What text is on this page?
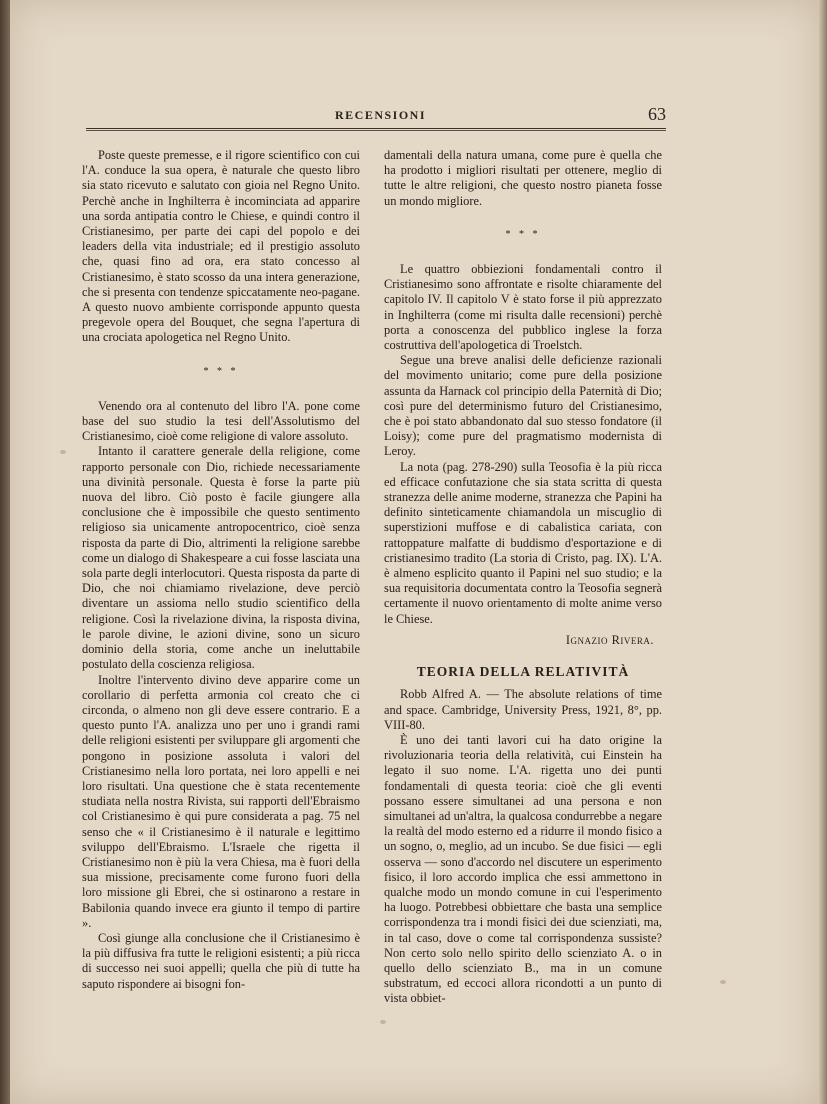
RECENSIONI	63

Poste queste premesse, e il rigore scientifico con cui l'A. conduce la sua opera, è naturale che questo libro sia stato ricevuto e salutato con gioia nel Regno Unito. Perchè anche in Inghilterra è incominciata ad apparire una sorda antipatia contro le Chiese, e quindi contro il Cristianesimo, per parte dei capi del popolo e dei leaders della vita industriale; ed il prestigio assoluto che, quasi fino ad ora, era stato concesso al Cristianesimo, è stato scosso da una intera generazione, che si presenta con tendenze spiccatamente neo-pagane. A questo nuovo ambiente corrisponde appunto questa pregevole opera del Bouquet, che segna l'apertura di una crociata apologetica nel Regno Unito.

* * *

Venendo ora al contenuto del libro l'A. pone come base del suo studio la tesi dell'Assolutismo del Cristianesimo, cioè come religione di valore assoluto.

Intanto il carattere generale della religione, come rapporto personale con Dio, richiede necessariamente una divinità personale. Questa è forse la parte più nuova del libro. Ciò posto è facile giungere alla conclusione che è impossibile che questo sentimento religioso sia unicamente antropocentrico, cioè senza risposta da parte di Dio, altrimenti la religione sarebbe come un dialogo di Shakespeare a cui fosse lasciata una sola parte degli interlocutori. Questa risposta da parte di Dio, che noi chiamiamo rivelazione, deve perciò diventare un assioma nello studio scientifico della religione. Così la rivelazione divina, la risposta divina, le parole divine, le azioni divine, sono un sicuro dominio della storia, come anche un ineluttabile postulato della coscienza religiosa.

Inoltre l'intervento divino deve apparire come un corollario di perfetta armonia col creato che ci circonda, o almeno non gli deve essere contrario. E a questo punto l'A. analizza uno per uno i grandi rami delle religioni esistenti per sviluppare gli argomenti che pongono in posizione assoluta i valori del Cristianesimo nella loro portata, nei loro appelli e nei loro risultati. Una questione che è stata recentemente studiata nella nostra Rivista, sui rapporti dell'Ebraismo col Cristianesimo è qui pure considerata a pag. 75 nel senso che « il Cristianesimo è il naturale e legittimo sviluppo dell'Ebraismo. L'Israele che rigetta il Cristianesimo non è più la vera Chiesa, ma è fuori della sua missione, precisamente come furono fuori della loro missione gli Ebrei, che si ostinarono a restare in Babilonia quando invece era giunto il tempo di partire ».

Così giunge alla conclusione che il Cristianesimo è la più diffusiva fra tutte le religioni esistenti; a più ricca di successo nei suoi appelli; quella che più di tutte ha saputo rispondere ai bisogni fon-

damentali della natura umana, come pure è quella che ha prodotto i migliori risultati per ottenere, meglio di tutte le altre religioni, che questo nostro pianeta fosse un mondo migliore.

* * *

Le quattro obbiezioni fondamentali contro il Cristianesimo sono affrontate e risolte chiaramente del capitolo IV. Il capitolo V è stato forse il più apprezzato in Inghilterra (come mi risulta dalle recensioni) perchè porta a conoscenza del pubblico inglese la forza costruttiva dell'apologetica di Troelstch.

Segue una breve analisi delle deficienze razionali del movimento unitario; come pure della posizione assunta da Harnack col principio della Paternità di Dio; così pure del determinismo futuro del Cristianesimo, che è poi stato abbandonato dal suo stesso fondatore (il Loisy); come pure del pragmatismo modernista di Leroy.

La nota (pag. 278-290) sulla Teosofia è la più ricca ed efficace confutazione che sia stata scritta di questa stranezza delle anime moderne, stranezza che Papini ha definito sinteticamente chiamandola un miscuglio di superstizioni muffose e di cabalistica cariata, con rattoppature malfatte di buddismo d'esportazione e di cristianesimo tradito (La storia di Cristo, pag. IX). L'A. è almeno esplicito quanto il Papini nel suo studio; e la sua requisitoria documentata contro la Teosofia segnerà certamente il nuovo orientamento di molte anime verso le Chiese.

Ignazio Rivera.
TEORIA DELLA RELATIVITÀ

Robb Alfred A. — The absolute relations of time and space. Cambridge, University Press, 1921, 8°, pp. VIII-80.

È uno dei tanti lavori cui ha dato origine la rivoluzionaria teoria della relatività, cui Einstein ha legato il suo nome. L'A. rigetta uno dei punti fondamentali di questa teoria: cioè che gli eventi possano essere simultanei ad una persona e non simultanei ad un'altra, la qualcosa condurrebbe a negare la realtà del modo esterno ed a ridurre il mondo fisico a un sogno, o, meglio, ad un incubo. Se due fisici — egli osserva — sono d'accordo nel discutere un esperimento fisico, il loro accordo implica che essi ammettono in qualche modo un mondo comune in cui l'esperimento ha luogo. Potrebbesi obbiettare che basta una semplice corrispondenza tra i mondi fisici dei due scienziati, ma, in tal caso, dove o come tal corrispondenza sussiste? Non certo solo nello spirito dello scienziato A. o in quello dello scienziato B., ma in un comune substratum, ed eccoci allora ricondotti a un punto di vista obbiet-
